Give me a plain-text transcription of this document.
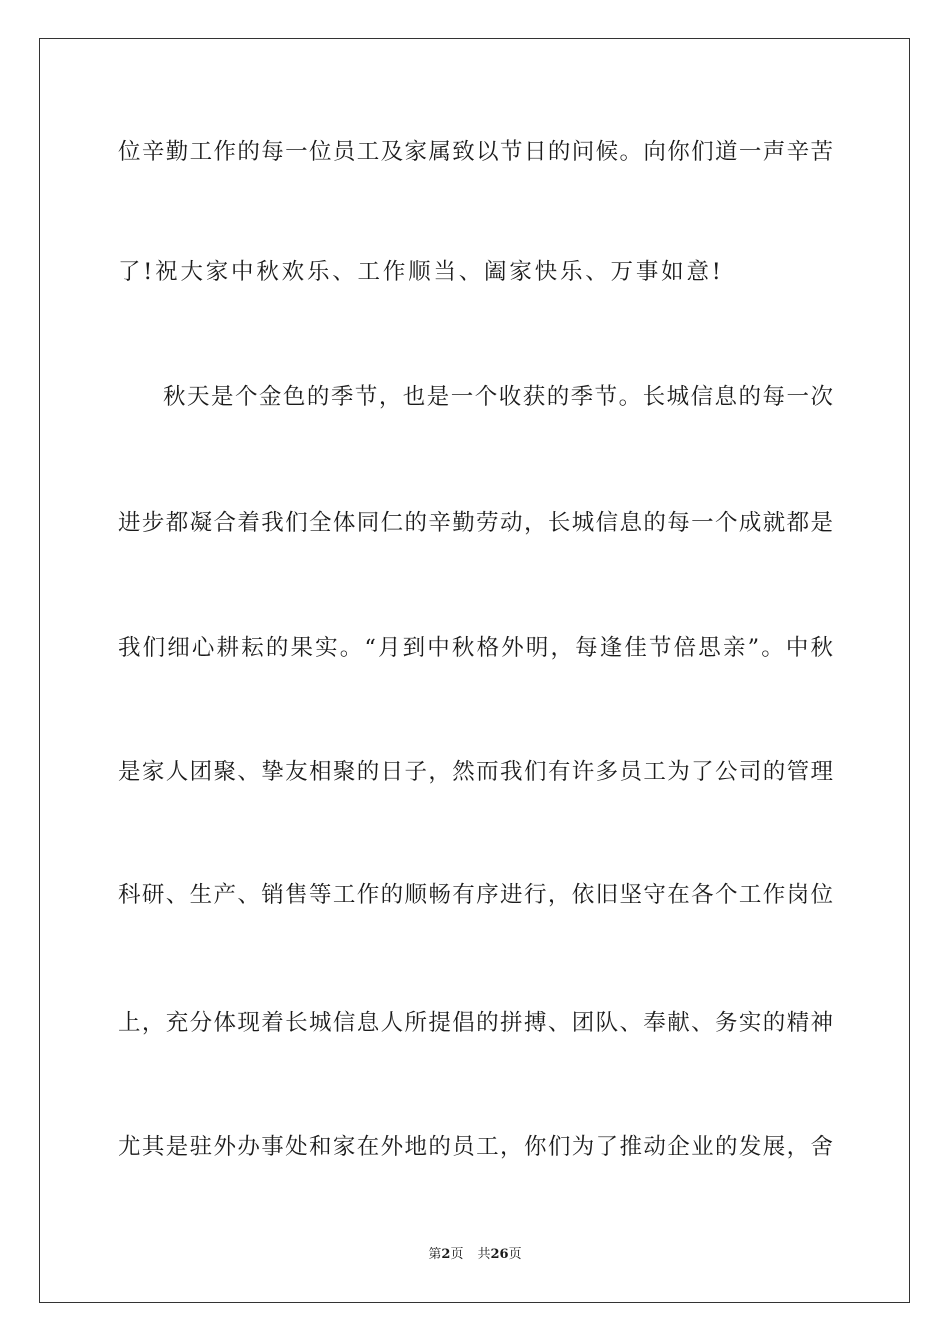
位辛勤工作的每一位员工及家属致以节日的问候。向你们道一声辛苦
了!祝大家中秋欢乐、工作顺当、阖家快乐、万事如意!
秋天是个金色的季节，也是一个收获的季节。长城信息的每一次
进步都凝合着我们全体同仁的辛勤劳动，长城信息的每一个成就都是
我们细心耕耘的果实。“月到中秋格外明，每逢佳节倍思亲”。中秋
是家人团聚、挚友相聚的日子，然而我们有许多员工为了公司的管理
科研、生产、销售等工作的顺畅有序进行，依旧坚守在各个工作岗位
上，充分体现着长城信息人所提倡的拼搏、团队、奉献、务实的精神
尤其是驻外办事处和家在外地的员工，你们为了推动企业的发展，舍
第2页 共26页
